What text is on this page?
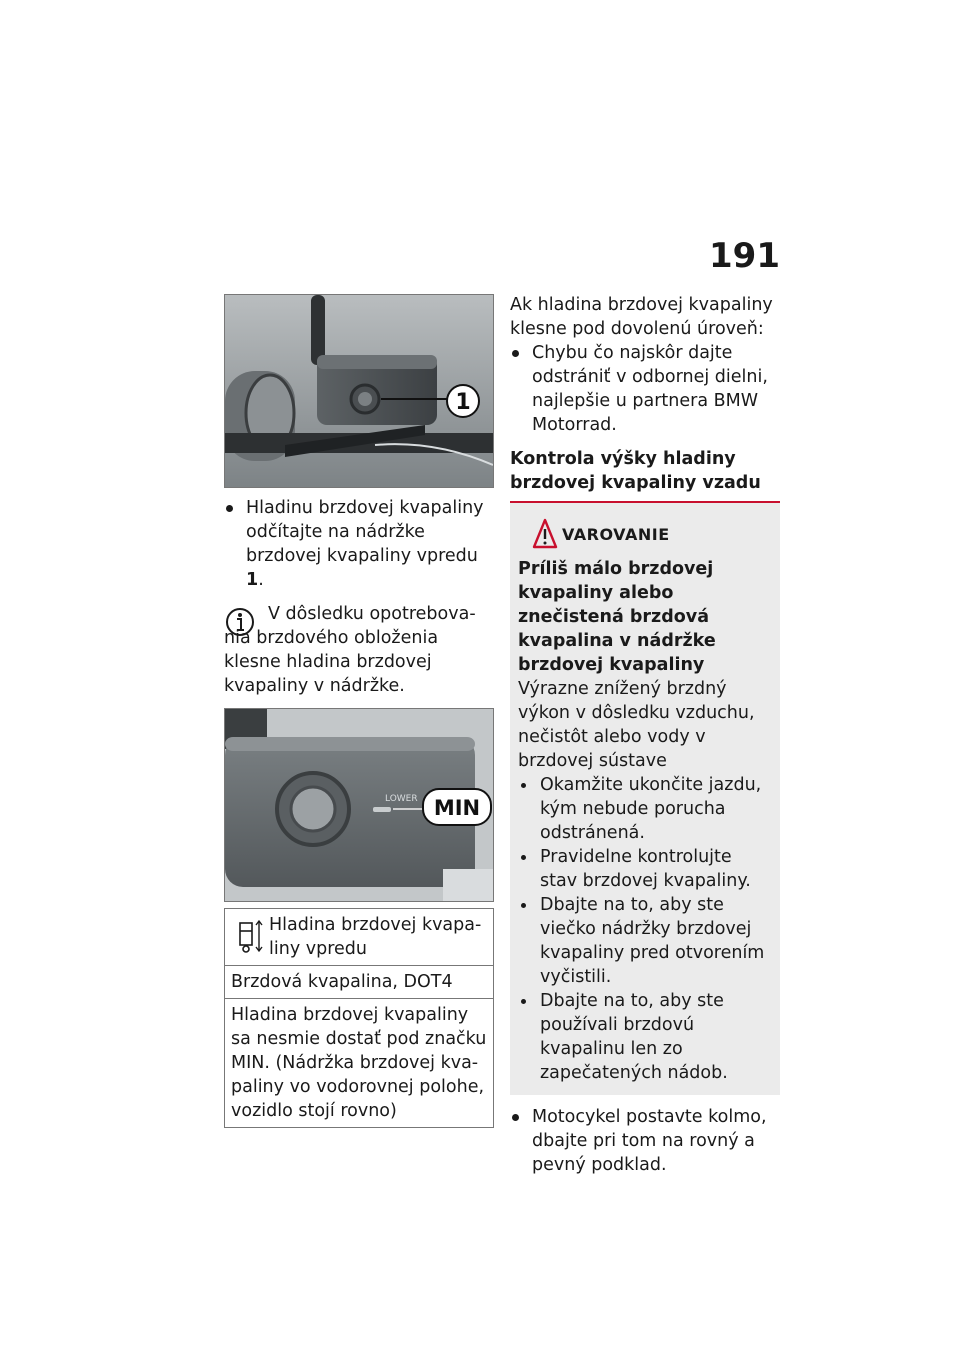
191
1
Hladinu brzdovej kvapaliny odčítajte na nádržke brzdovej kvapaliny vpredu 1.

V dôsledku opotrebovania brzdového obloženia klesne hladina brzdovej kvapaliny v nádržke.

LOWER MIN

Hladina brzdovej kvapaliny vpredu

Brzdová kvapalina, DOT4

Hladina brzdovej kvapaliny sa nesmie dostať pod značku MIN. (Nádržka brzdovej kvapaliny vo vodorovnej polohe, vozidlo stojí rovno)

Ak hladina brzdovej kvapaliny klesne pod dovolenú úroveň:

Chybu čo najskôr dajte odstrániť v odbornej dielni, najlepšie u partnera BMW Motorrad.

Kontrola výšky hladiny brzdovej kvapaliny vzadu

VAROVANIE

Príliš málo brzdovej kvapaliny alebo znečistená brzdová kvapalina v nádržke brzdovej kvapaliny

Výrazne znížený brzdný výkon v dôsledku vzduchu, nečistôt alebo vody v brzdovej sústave

Okamžite ukončite jazdu, kým nebude porucha odstránená.
Pravidelne kontrolujte stav brzdovej kvapaliny.
Dbajte na to, aby ste viečko nádržky brzdovej kvapaliny pred otvorením vyčistili.
Dbajte na to, aby ste používali brzdovú kvapalinu len zo zapečatených nádob.
Motocykel postavte kolmo, dbajte pri tom na rovný a pevný podklad.
